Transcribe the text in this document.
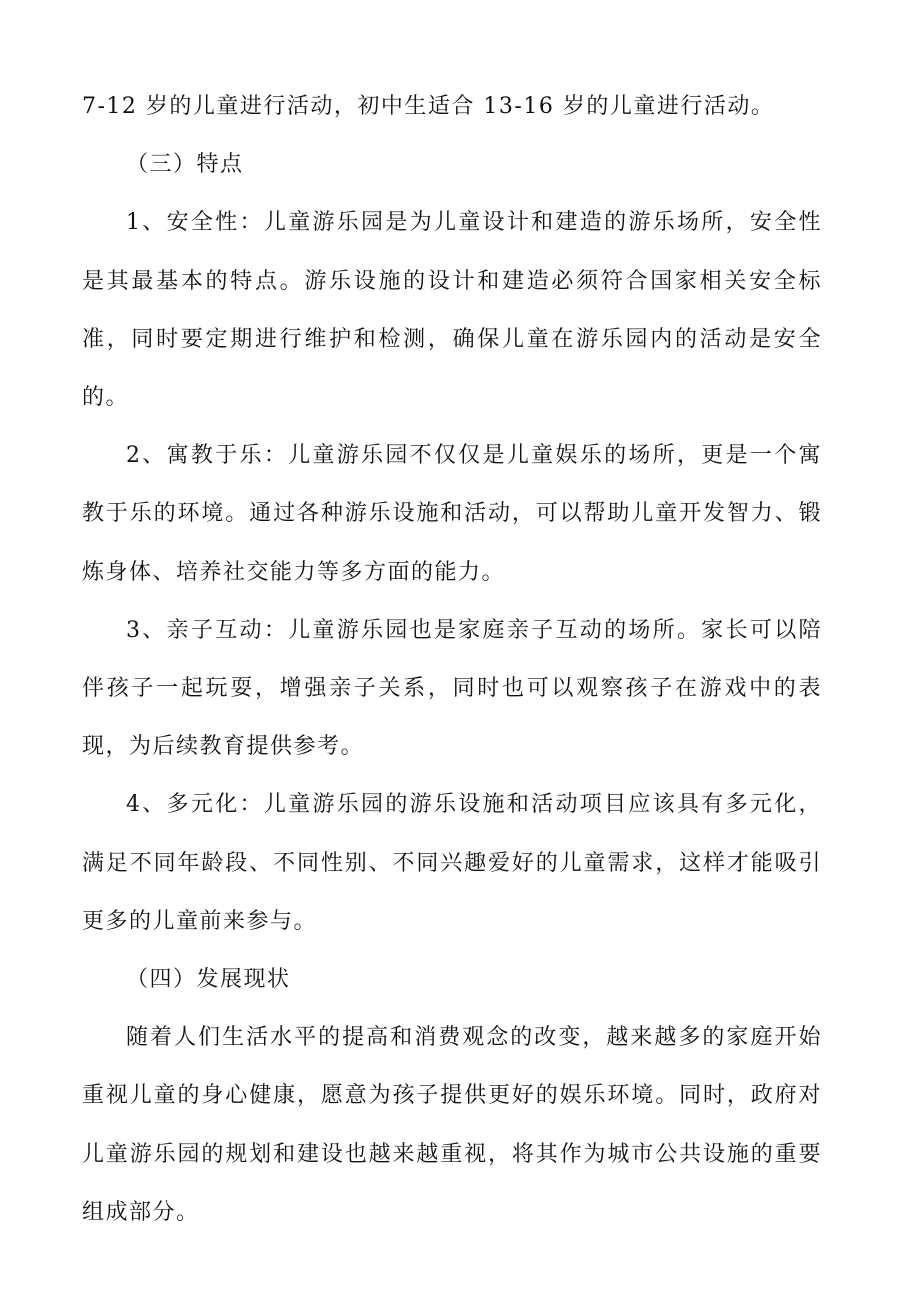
7-12 岁的儿童进行活动，初中生适合 13-16 岁的儿童进行活动。

（三）特点

1、安全性：儿童游乐园是为儿童设计和建造的游乐场所，安全性是其最基本的特点。游乐设施的设计和建造必须符合国家相关安全标准，同时要定期进行维护和检测，确保儿童在游乐园内的活动是安全的。

2、寓教于乐：儿童游乐园不仅仅是儿童娱乐的场所，更是一个寓教于乐的环境。通过各种游乐设施和活动，可以帮助儿童开发智力、锻炼身体、培养社交能力等多方面的能力。

3、亲子互动：儿童游乐园也是家庭亲子互动的场所。家长可以陪伴孩子一起玩耍，增强亲子关系，同时也可以观察孩子在游戏中的表现，为后续教育提供参考。

4、多元化：儿童游乐园的游乐设施和活动项目应该具有多元化，满足不同年龄段、不同性别、不同兴趣爱好的儿童需求，这样才能吸引更多的儿童前来参与。

（四）发展现状

随着人们生活水平的提高和消费观念的改变，越来越多的家庭开始重视儿童的身心健康，愿意为孩子提供更好的娱乐环境。同时，政府对儿童游乐园的规划和建设也越来越重视，将其作为城市公共设施的重要组成部分。
